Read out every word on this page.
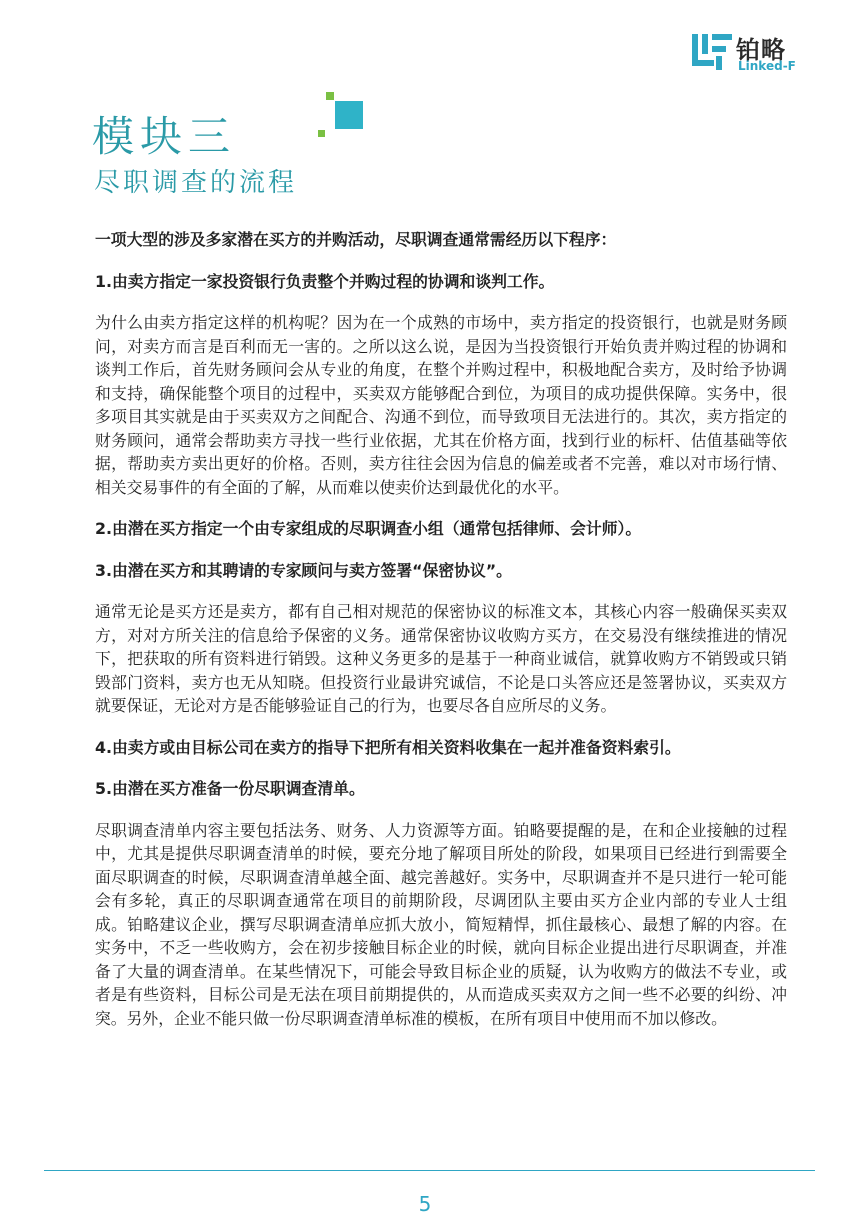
铂略
Linked-F
模块三
尽职调查的流程

一项大型的涉及多家潜在买方的并购活动，尽职调查通常需经历以下程序：

1.由卖方指定一家投资银行负责整个并购过程的协调和谈判工作。

为什么由卖方指定这样的机构呢？因为在一个成熟的市场中，卖方指定的投资银行，也就是财务顾问，对卖方而言是百利而无一害的。之所以这么说，是因为当投资银行开始负责并购过程的协调和谈判工作后，首先财务顾问会从专业的角度，在整个并购过程中，积极地配合卖方，及时给予协调和支持，确保能整个项目的过程中，买卖双方能够配合到位，为项目的成功提供保障。实务中，很多项目其实就是由于买卖双方之间配合、沟通不到位，而导致项目无法进行的。其次，卖方指定的财务顾问，通常会帮助卖方寻找一些行业依据，尤其在价格方面，找到行业的标杆、估值基础等依据，帮助卖方卖出更好的价格。否则，卖方往往会因为信息的偏差或者不完善，难以对市场行情、相关交易事件的有全面的了解，从而难以使卖价达到最优化的水平。

2.由潜在买方指定一个由专家组成的尽职调查小组（通常包括律师、会计师）。

3.由潜在买方和其聘请的专家顾问与卖方签署“保密协议”。

通常无论是买方还是卖方，都有自己相对规范的保密协议的标准文本，其核心内容一般确保买卖双方，对对方所关注的信息给予保密的义务。通常保密协议收购方买方，在交易没有继续推进的情况下，把获取的所有资料进行销毁。这种义务更多的是基于一种商业诚信，就算收购方不销毁或只销毁部门资料，卖方也无从知晓。但投资行业最讲究诚信，不论是口头答应还是签署协议，买卖双方就要保证，无论对方是否能够验证自己的行为，也要尽各自应所尽的义务。

4.由卖方或由目标公司在卖方的指导下把所有相关资料收集在一起并准备资料索引。

5.由潜在买方准备一份尽职调查清单。

尽职调查清单内容主要包括法务、财务、人力资源等方面。铂略要提醒的是，在和企业接触的过程中，尤其是提供尽职调查清单的时候，要充分地了解项目所处的阶段，如果项目已经进行到需要全面尽职调查的时候，尽职调查清单越全面、越完善越好。实务中，尽职调查并不是只进行一轮可能会有多轮，真正的尽职调查通常在项目的前期阶段，尽调团队主要由买方企业内部的专业人士组成。铂略建议企业，撰写尽职调查清单应抓大放小，简短精悍，抓住最核心、最想了解的内容。在实务中，不乏一些收购方，会在初步接触目标企业的时候，就向目标企业提出进行尽职调查，并准备了大量的调查清单。在某些情况下，可能会导致目标企业的质疑，认为收购方的做法不专业，或者是有些资料，目标公司是无法在项目前期提供的，从而造成买卖双方之间一些不必要的纠纷、冲突。另外，企业不能只做一份尽职调查清单标准的模板，在所有项目中使用而不加以修改。

5
